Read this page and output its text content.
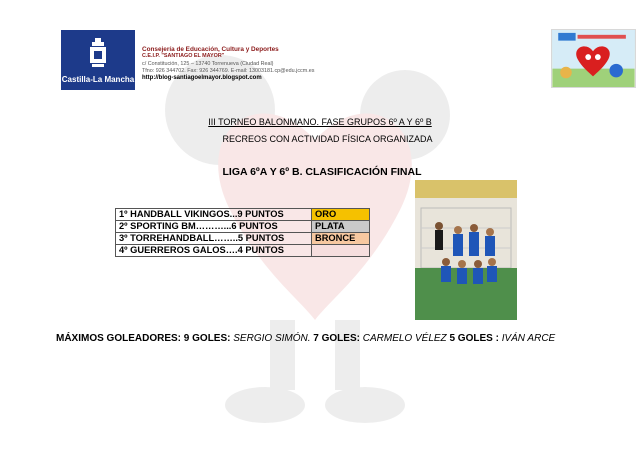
Castilla-La Mancha
Consejería de Educación, Cultura y Deportes
C.E.I.P. "SANTIAGO EL MAYOR"
c/ Constitución, 125 – 13740 Torrenueva (Ciudad Real)
Tfno: 926 344702. Fax: 926 344769. E-mail: 13003181.cp@edu.jccm.es
http://blog-santiagoelmayor.blogspot.com
III TORNEO BALONMANO. FASE GRUPOS 6º A Y 6º B
RECREOS CON ACTIVIDAD FÍSICA ORGANIZADA
LIGA 6ºA Y 6º B. CLASIFICACIÓN FINAL
1º HANDBALL VIKINGOS...9 PUNTOS	ORO
2º SPORTING BM………...6 PUNTOS	PLATA
3º TORREHANDBALL……..5 PUNTOS	BRONCE
4º GUERREROS GALOS….4 PUNTOS	
MÁXIMOS GOLEADORES: 9 GOLES: SERGIO SIMÓN. 7 GOLES: CARMELO VÉLEZ 5 GOLES : IVÁN ARCE
